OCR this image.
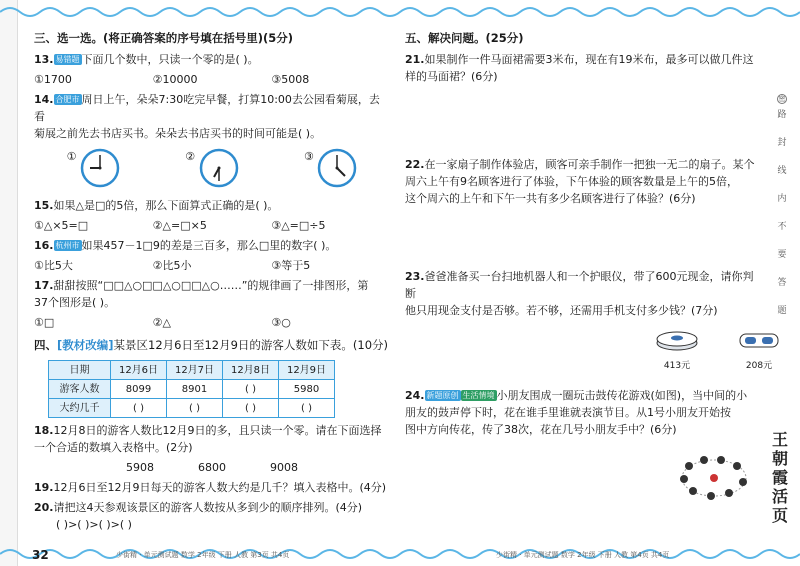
三、选一选。(将正确答案的序号填在括号里)(5分)
13. 易错题 下面几个数中，只读一个零的是( )。
①1700	②10000	③5008
14. 合肥市 周日上午，朵朵7:30吃完早餐，打算10:00去公园看菊展，去看
菊展之前先去书店买书。朵朵去书店买书的时间可能是( )。
①	②	③
15.如果△是□的5倍，那么下面算式正确的是( )。
①△×5=□	②△=□×5	③△=□÷5
16. 杭州市 如果457－1□9的差是三百多，那么□里的数字( )。
①比5大	②比5小	③等于5
17.甜甜按照“□□△○□□△○□□△○……”的规律画了一排图形，第
37个图形是( )。
①□	②△	③○
四、[教材改编]某景区12月6日至12月9日的游客人数如下表。(10分)
日期	12月6日	12月7日	12月8日	12月9日
游客人数	8099	8901	( )	5980
大约几千	( )	( )	( )	( )
18.12月8日的游客人数比12月9日的多，且只读一个零。请在下面选择
一个合适的数填入表格中。(2分)
5908	6800	9008
19.12月6日至12月9日每天的游客人数大约是几千？填入表格中。(4分)
20.请把这4天参观该景区的游客人数按从多到少的顺序排列。(4分)
( )>( )>( )>( )
32	少街精 · 单元测试题 数学 2年级 下册 人教 第3页 共4页
五、解决问题。(25分)
21.如果制作一件马面裙需要3米布，现在有19米布，最多可以做几件这
样的马面裙？(6分)
22.在一家扇子制作体验店，顾客可亲手制作一把独一无二的扇子。某个
周六上午有9名顾客进行了体验，下午体验的顾客数量是上午的5倍，
这个周六的上午和下午一共有多少名顾客进行了体验？(6分)
23.爸爸准备买一台扫地机器人和一个护眼仪，带了600元现金，请你判断
他只用现金支付是否够。若不够，还需用手机支付多少钱？(7分)

413元	208元
24. 新题原创 生活情境 小朋友围成一圈玩击鼓传花游戏(如图)，当中间的小
朋友的鼓声停下时，花在谁手里谁就表演节目。从1号小朋友开始按
图中方向传花，传了38次，花在几号小朋友手中？(6分)
少街精 · 单元测试题 数学 2年级 下册 人教 第4页 共4页
密
路

封

线

内

不

要

答

题
王
朝
霞
活
页
